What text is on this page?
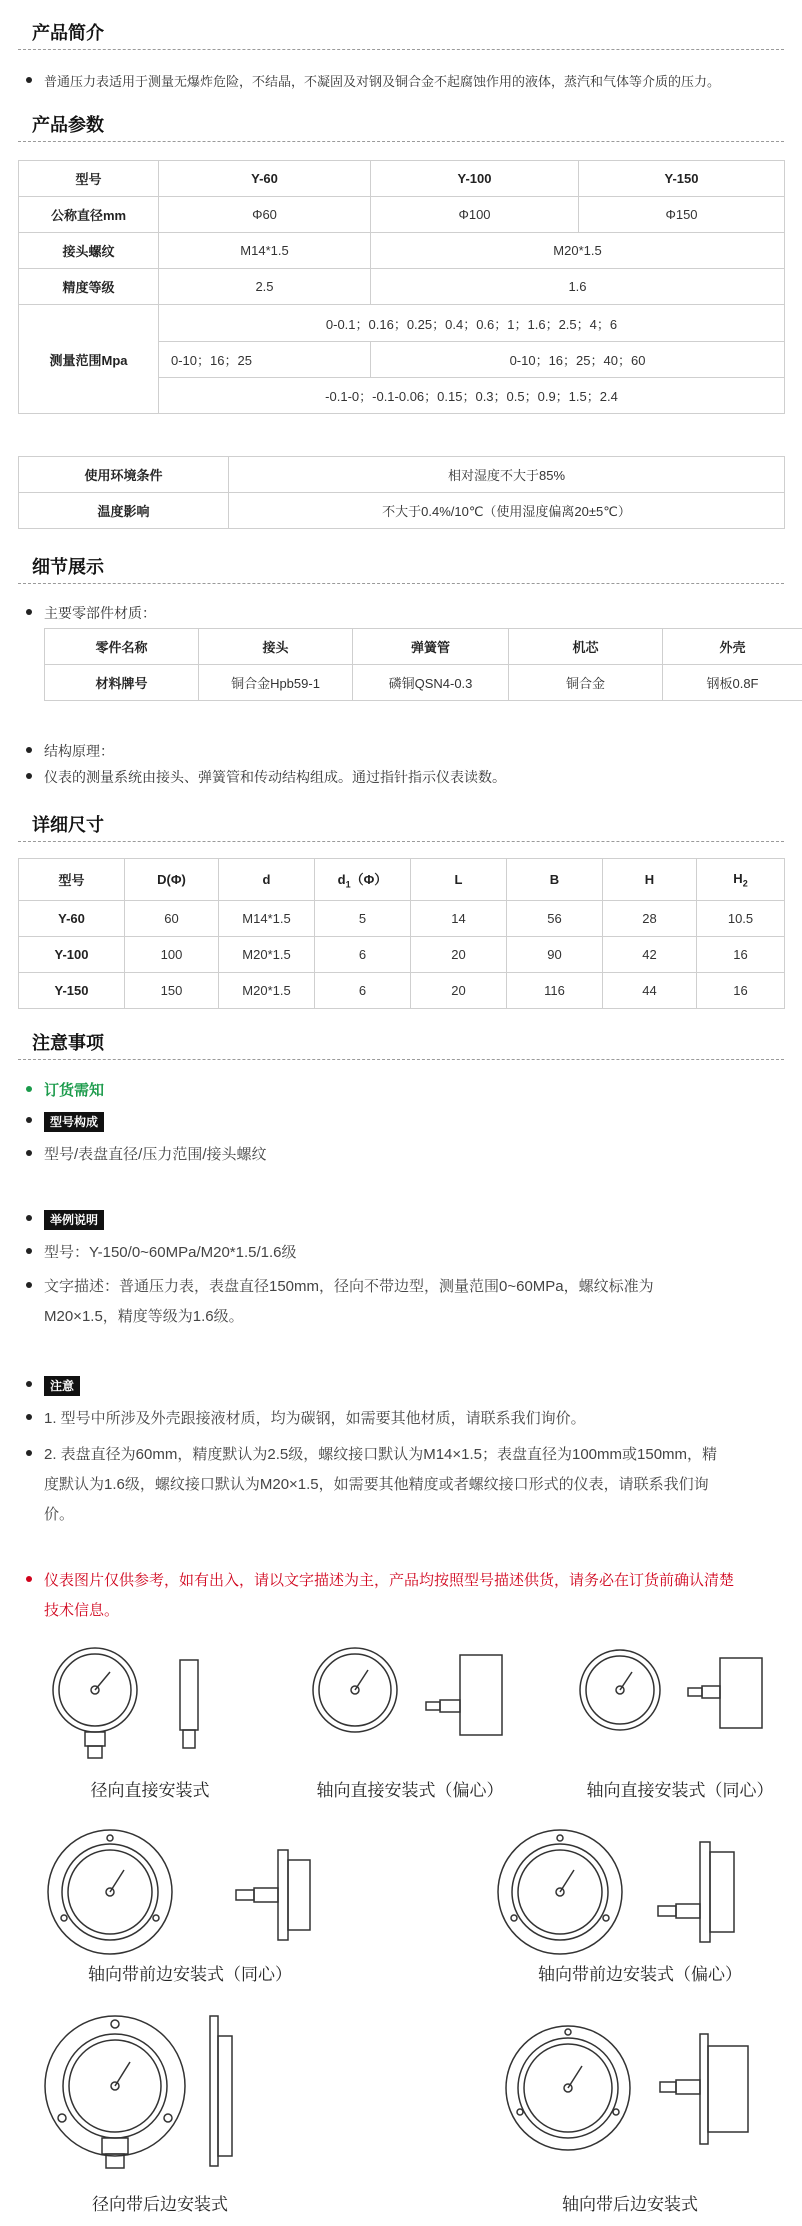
产品简介
普通压力表适用于测量无爆炸危险，不结晶，不凝固及对钢及铜合金不起腐蚀作用的液体，蒸汽和气体等介质的压力。
产品参数
型号	Y-60	Y-100	Y-150
公称直径mm	Φ60	Φ100	Φ150
接头螺纹	M14*1.5	M20*1.5	
精度等级	2.5	1.6	
测量范围Mpa	0-0.1；0.16；0.25；0.4；0.6；1；1.6；2.5；4；6		
	0-10；16；25	0-10；16；25；40；60	
	-0.1-0；-0.1-0.06；0.15；0.3；0.5；0.9；1.5；2.4		
使用环境条件	相对湿度不大于85%
温度影响	不大于0.4%/10℃（使用湿度偏离20±5℃）
细节展示
主要零部件材质：
零件名称	接头	弹簧管	机芯	外壳
材料牌号	铜合金Hpb59-1	磷铜QSN4-0.3	铜合金	钢板0.8F
结构原理：
仪表的测量系统由接头、弹簧管和传动结构组成。通过指针指示仪表读数。
详细尺寸
型号	D(Φ)	d	$d_1(\Phi)$	L	B	H	$H_2$
Y-60	60	M14*1.5	5	14	56	28	10.5
Y-100	100	M20*1.5	6	20	90	42	16
Y-150	150	M20*1.5	6	20	116	44	16
注意事项
订货需知
型号构成
型号/表盘直径/压力范围/接头螺纹
举例说明
型号：Y-150/0~60MPa/M20*1.5/1.6级
文字描述：普通压力表，表盘直径150mm，径向不带边型，测量范围0~60MPa，螺纹标准为
M20×1.5，精度等级为1.6级。
注意
1. 型号中所涉及外壳跟接液材质，均为碳钢，如需要其他材质，请联系我们询价。
2. 表盘直径为60mm，精度默认为2.5级，螺纹接口默认为M14×1.5；表盘直径为100mm或150mm，精
度默认为1.6级，螺纹接口默认为M20×1.5，如需要其他精度或者螺纹接口形式的仪表，请联系我们询
价。
仪表图片仅供参考，如有出入，请以文字描述为主，产品均按照型号描述供货，请务必在订货前确认清楚
技术信息。
径向直接安装式	轴向直接安装式（偏心）	轴向直接安装式（同心）
轴向带前边安装式（同心）	轴向带前边安装式（偏心）
径向带后边安装式	轴向带后边安装式
